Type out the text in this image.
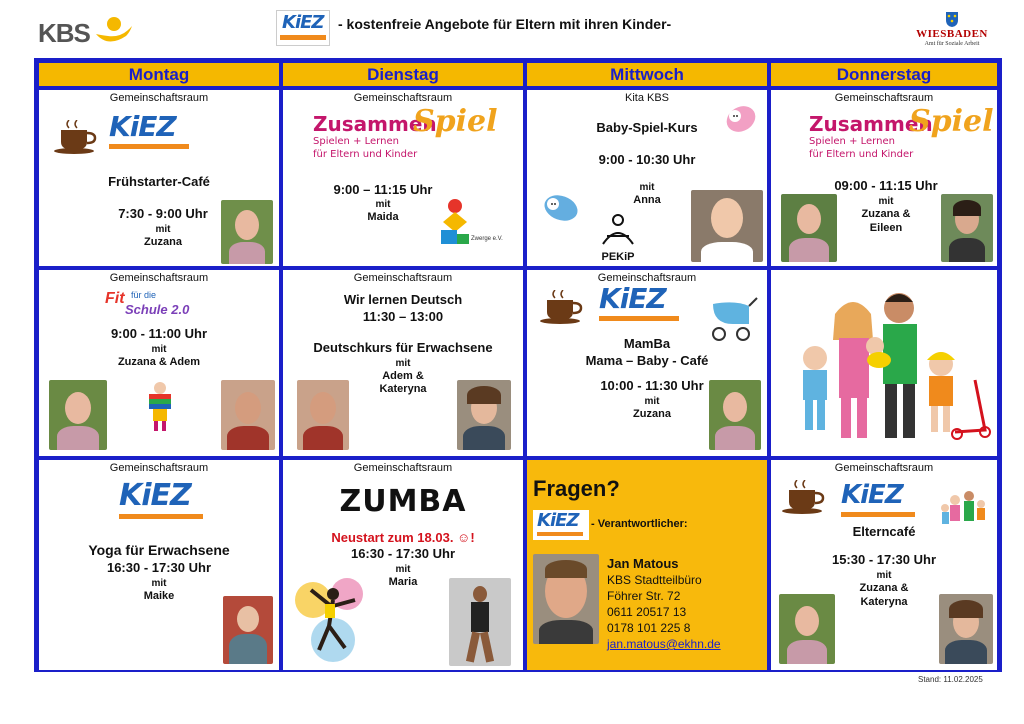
KBS	KiEZ - kostenfreie Angebote für Eltern mit ihren Kinder-
WIESBADEN
Amt für Soziale Arbeit
Montag	Dienstag	Mittwoch	Donnerstag
Gemeinschaftsraum
KiEZ
Frühstarter-Café
7:30 - 9:00 Uhr
mit
Zuzana
Gemeinschaftsraum
Zusammen
Spiel
Spielen + Lernen
für Eltern und Kinder
9:00 – 11:15 Uhr
mit
Maida
Zwerge e.V.
Kita KBS
Baby-Spiel-Kurs
9:00 - 10:30 Uhr
mit
Anna
PEKiP
Gemeinschaftsraum
Zusammen
Spiel
Spielen + Lernen
für Eltern und Kinder
09:00 - 11:15 Uhr
mit
Zuzana &
Eileen
Gemeinschaftsraum
Fit für die
Schule 2.0
9:00 - 11:00 Uhr
mit
Zuzana & Adem
Gemeinschaftsraum
Wir lernen Deutsch
11:30 – 13:00
Deutschkurs für Erwachsene
mit
Adem &
Kateryna
Gemeinschaftsraum
KiEZ
MamBa
Mama – Baby - Café
10:00 - 11:30 Uhr
mit
Zuzana
Gemeinschaftsraum
KiEZ
Yoga für Erwachsene
16:30 - 17:30 Uhr
mit
Maike
Gemeinschaftsraum
ZUMBA
Neustart zum 18.03. ☺!
16:30 - 17:30 Uhr
mit
Maria
Fragen?
KiEZ - Verantwortlicher:
Jan Matous
KBS Stadtteilbüro
Föhrer Str. 72
0611 20517 13
0178 101 225 8
jan.matous@ekhn.de
Gemeinschaftsraum
KiEZ
Elterncafé
15:30 - 17:30 Uhr
mit
Zuzana &
Kateryna
Stand: 11.02.2025
